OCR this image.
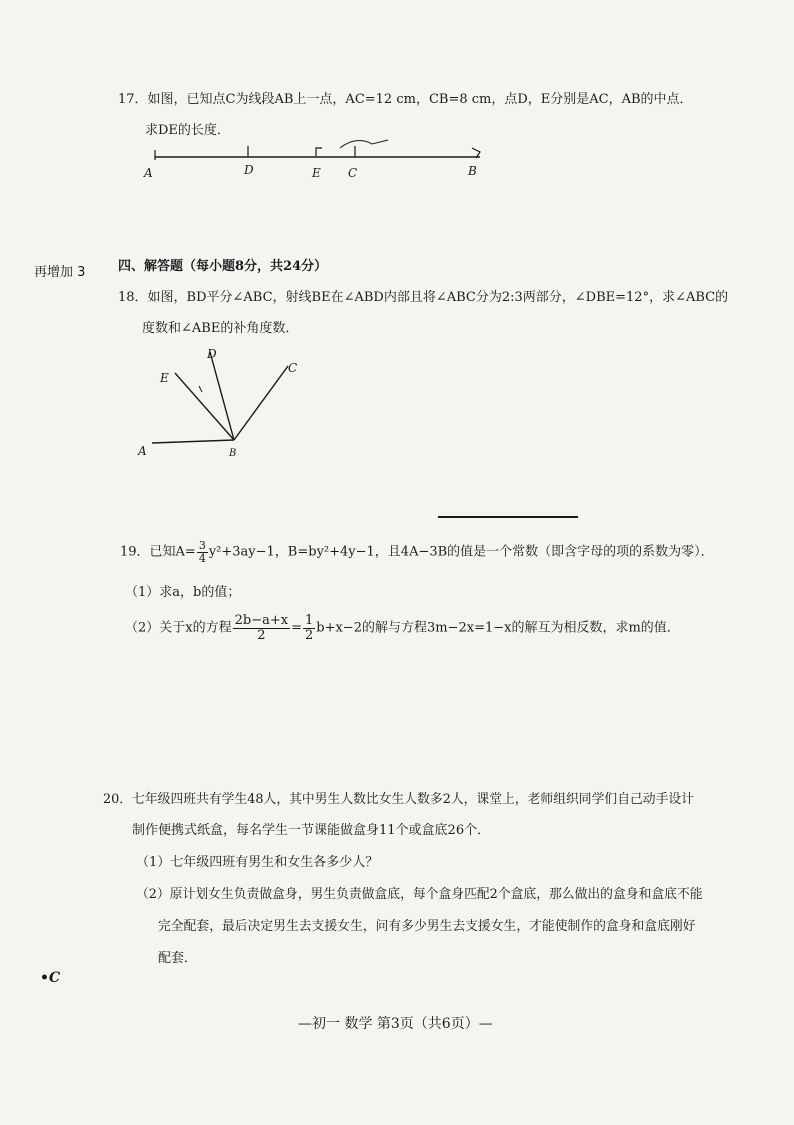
17．如图，已知点C为线段AB上一点，AC=12 cm，CB=8 cm，点D，E分别是AC，AB的中点．
求DE的长度．
A	D	E C	B
再增加 3	四、解答题（每小题8分，共24分）
18．如图，BD平分∠ABC，射线BE在∠ABD内部且将∠ABC分为2:3两部分，∠DBE=12°，求∠ABC的
度数和∠ABE的补角度数．
E
D
C
A	B
19．已知$A= \frac{3}{4} y^2+3ay-1$，B=by²+4y−1，且4A−3B的值是一个常数（即含字母的项的系数为零）．
（1）求a，b的值；
（2）关于x的方程 $\frac{2b-a+x}{2} = \frac{1}{2} b+x-2$的解与方程3m−2x=1−x的解互为相反数，求m的值．
20．七年级四班共有学生48人，其中男生人数比女生人数多2人，课堂上，老师组织同学们自己动手设计
制作便携式纸盒，每名学生一节课能做盒身11个或盒底26个．
（1）七年级四班有男生和女生各多少人？
（2）原计划女生负责做盒身，男生负责做盒底，每个盒身匹配2个盒底，那么做出的盒身和盒底不能
完全配套，最后决定男生去支援女生，问有多少男生去支援女生，才能使制作的盒身和盒底刚好
配套．
•C
—初一 数学 第3页（共6页）—
